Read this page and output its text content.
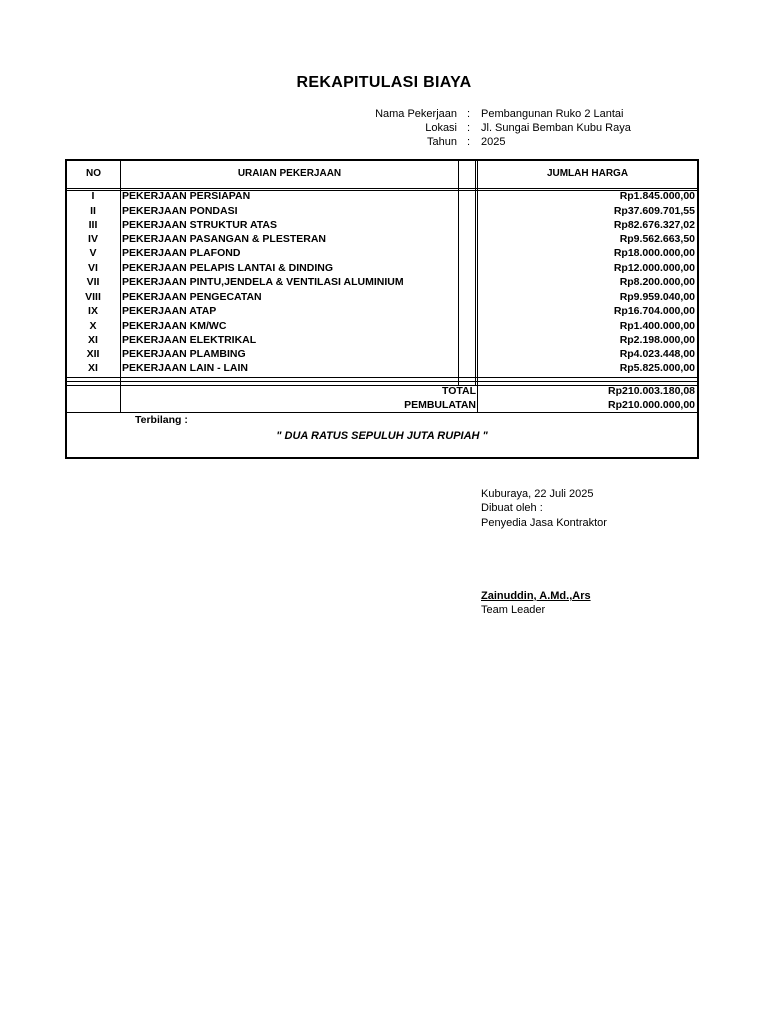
REKAPITULASI BIAYA
Nama Pekerjaan : Pembangunan Ruko 2 Lantai
Lokasi : Jl. Sungai Bemban Kubu Raya
Tahun : 2025
NO	URAIAN PEKERJAAN	JUMLAH HARGA
I	PEKERJAAN PERSIAPAN	Rp1.845.000,00
II	PEKERJAAN PONDASI	Rp37.609.701,55
III	PEKERJAAN STRUKTUR ATAS	Rp82.676.327,02
IV	PEKERJAAN PASANGAN & PLESTERAN	Rp9.562.663,50
V	PEKERJAAN PLAFOND	Rp18.000.000,00
VI	PEKERJAAN PELAPIS LANTAI & DINDING	Rp12.000.000,00
VII	PEKERJAAN PINTU,JENDELA & VENTILASI ALUMINIUM	Rp8.200.000,00
VIII	PEKERJAAN PENGECATAN	Rp9.959.040,00
IX	PEKERJAAN ATAP	Rp16.704.000,00
X	PEKERJAAN KM/WC	Rp1.400.000,00
XI	PEKERJAAN ELEKTRIKAL	Rp2.198.000,00
XII	PEKERJAAN PLAMBING	Rp4.023.448,00
XI	PEKERJAAN LAIN - LAIN	Rp5.825.000,00
TOTAL	Rp210.003.180,08
PEMBULATAN	Rp210.000.000,00
Terbilang :
" DUA RATUS SEPULUH JUTA RUPIAH "
Kuburaya, 22 Juli 2025
Dibuat oleh :
Penyedia Jasa Kontraktor
Zainuddin, A.Md.,Ars
Team Leader
